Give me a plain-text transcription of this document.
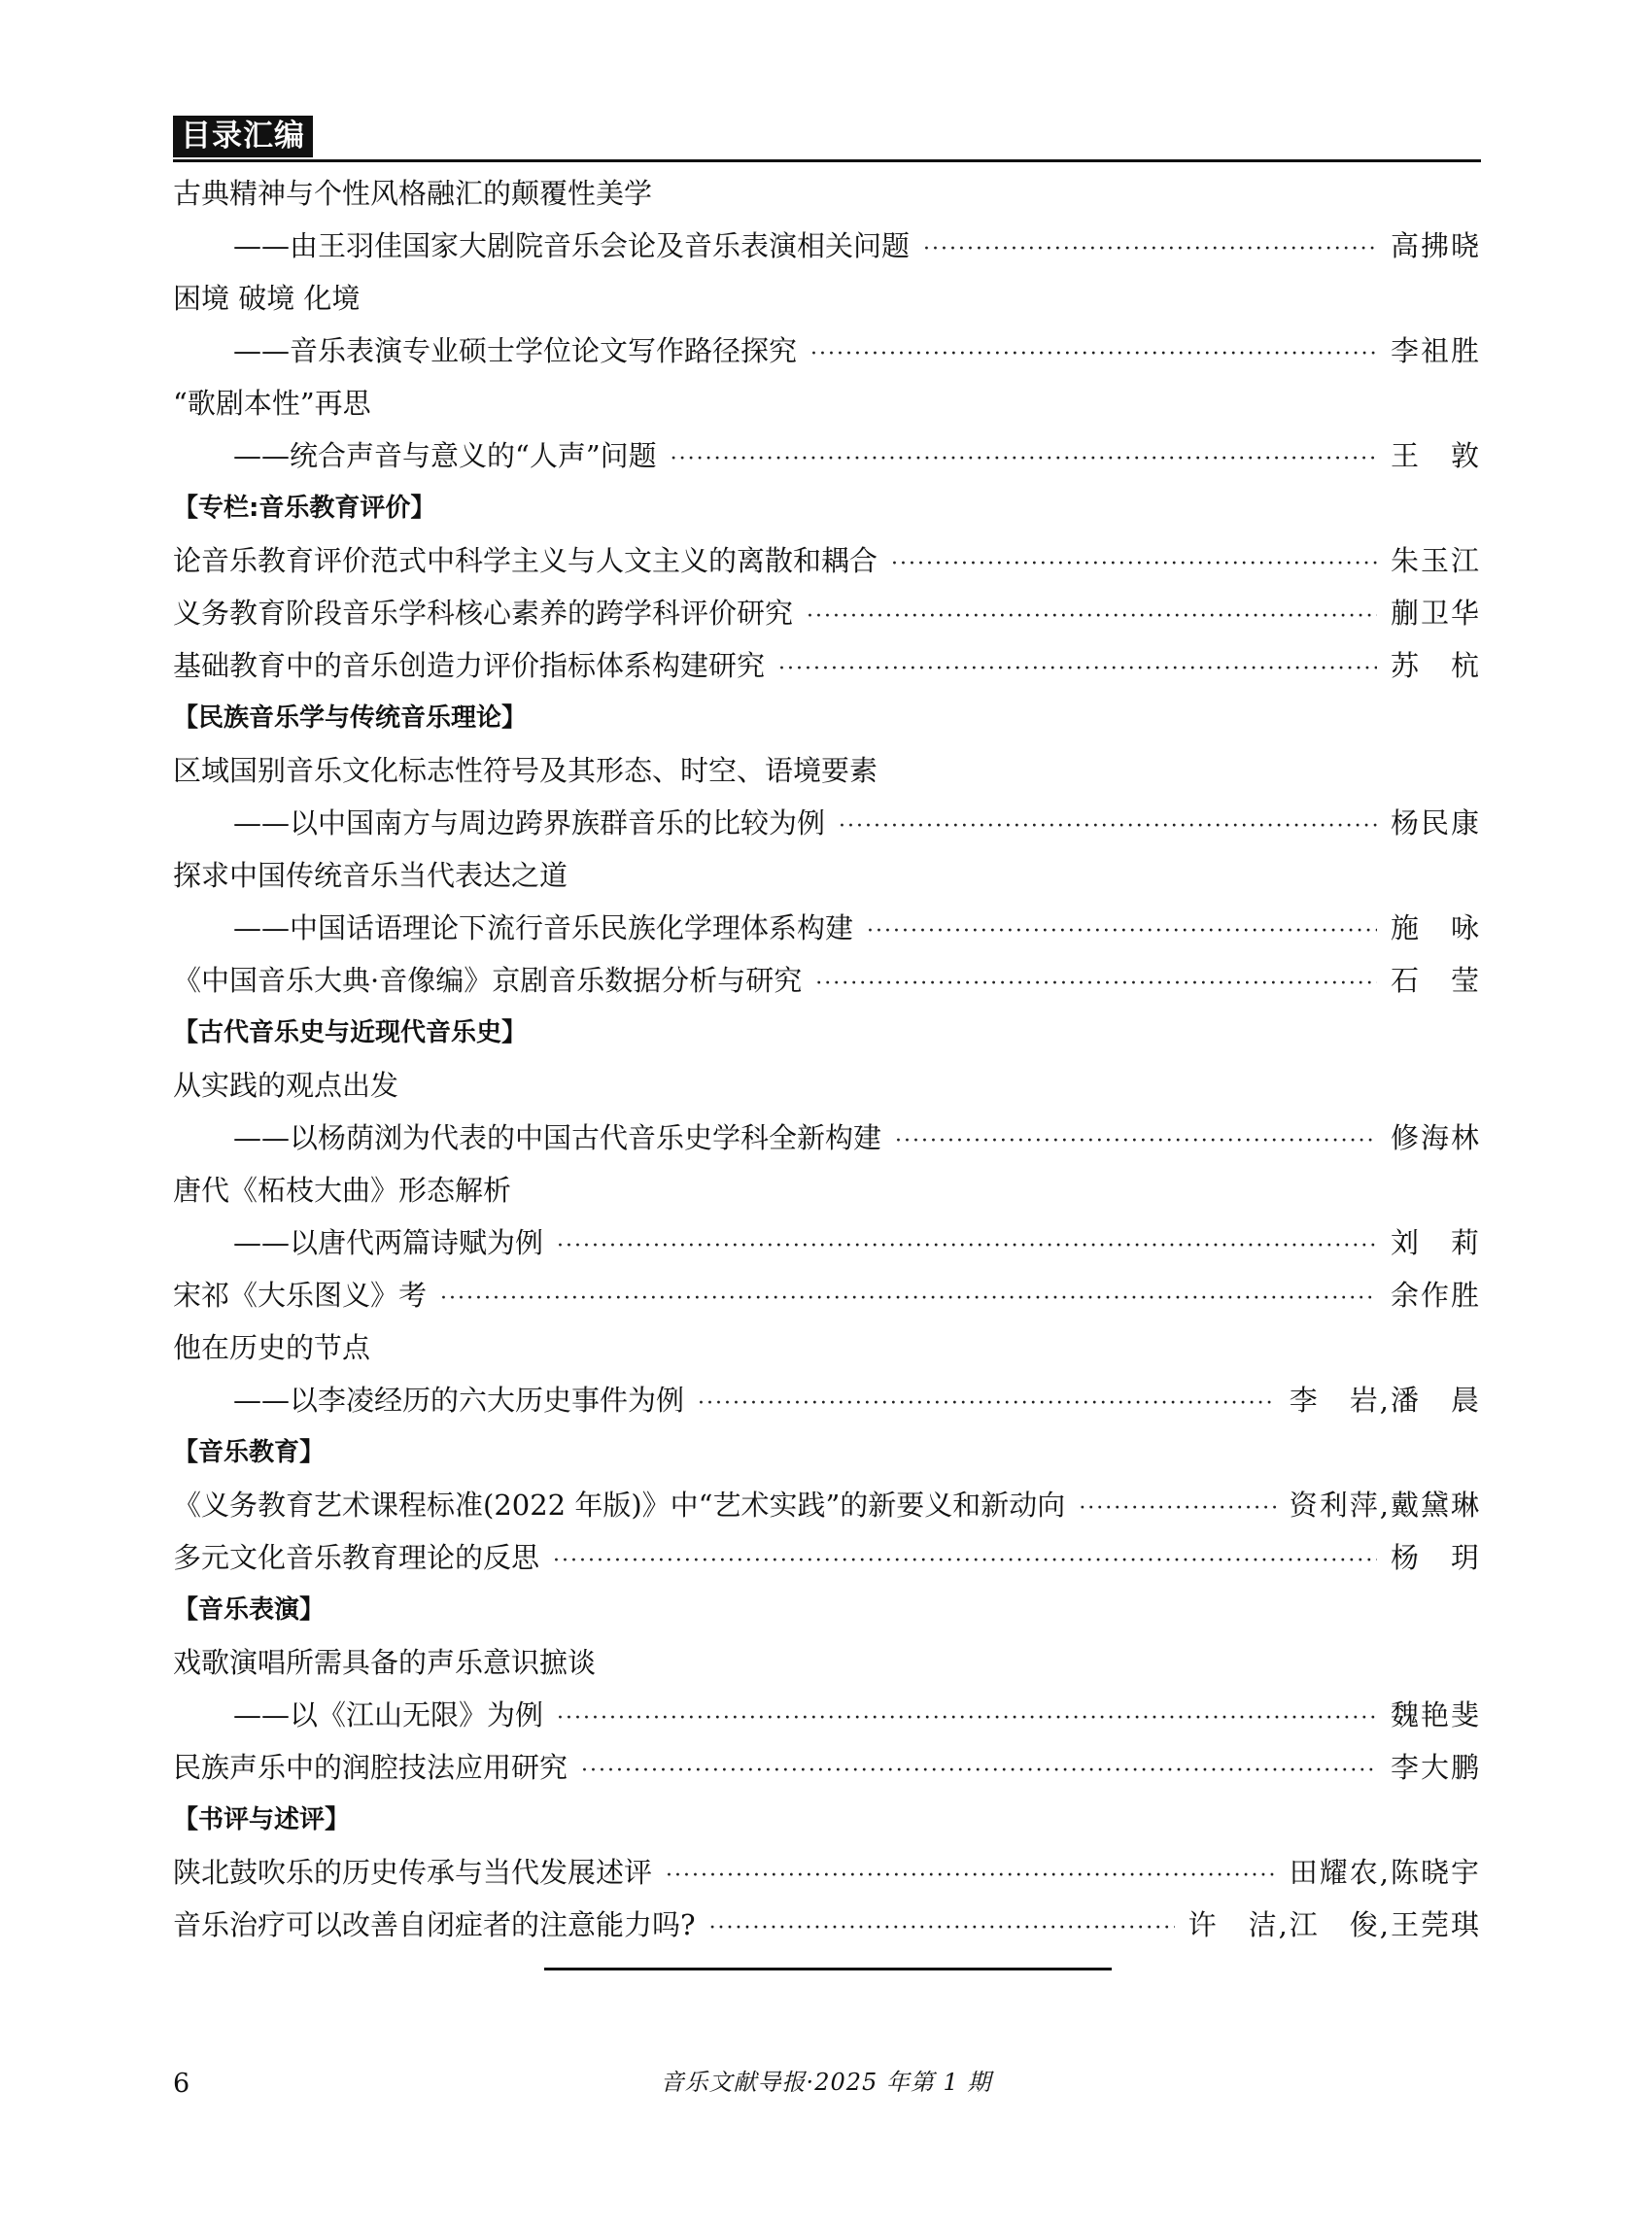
目录汇编
古典精神与个性风格融汇的颠覆性美学
——由王羽佳国家大剧院音乐会论及音乐表演相关问题 ·····	高拂晓
困境 破境 化境
——音乐表演专业硕士学位论文写作路径探究 ·····	李祖胜
“歌剧本性”再思
——统合声音与意义的“人声”问题 ·····	王　敦
【专栏:音乐教育评价】
论音乐教育评价范式中科学主义与人文主义的离散和耦合 ·····	朱玉江
义务教育阶段音乐学科核心素养的跨学科评价研究 ·····	蒯卫华
基础教育中的音乐创造力评价指标体系构建研究 ·····	苏　杭
【民族音乐学与传统音乐理论】
区域国别音乐文化标志性符号及其形态、时空、语境要素
——以中国南方与周边跨界族群音乐的比较为例 ·····	杨民康
探求中国传统音乐当代表达之道
——中国话语理论下流行音乐民族化学理体系构建 ·····	施　咏
《中国音乐大典·音像编》京剧音乐数据分析与研究 ·····	石　莹
【古代音乐史与近现代音乐史】
从实践的观点出发
——以杨荫浏为代表的中国古代音乐史学科全新构建 ·····	修海林
唐代《柘枝大曲》形态解析
——以唐代两篇诗赋为例 ·····	刘　莉
宋祁《大乐图义》考 ·····	余作胜
他在历史的节点
——以李凌经历的六大历史事件为例 ·····	李　岩,潘　晨
【音乐教育】
《义务教育艺术课程标准(2022 年版)》中“艺术实践”的新要义和新动向 ·····	资利萍,戴黛琳
多元文化音乐教育理论的反思 ·····	杨　玥
【音乐表演】
戏歌演唱所需具备的声乐意识摭谈
——以《江山无限》为例 ·····	魏艳斐
民族声乐中的润腔技法应用研究 ·····	李大鹏
【书评与述评】
陕北鼓吹乐的历史传承与当代发展述评 ·····	田耀农,陈晓宇
音乐治疗可以改善自闭症者的注意能力吗? ·····	许　洁,江　俊,王莞琪
6	音乐文献导报·2025 年第 1 期
